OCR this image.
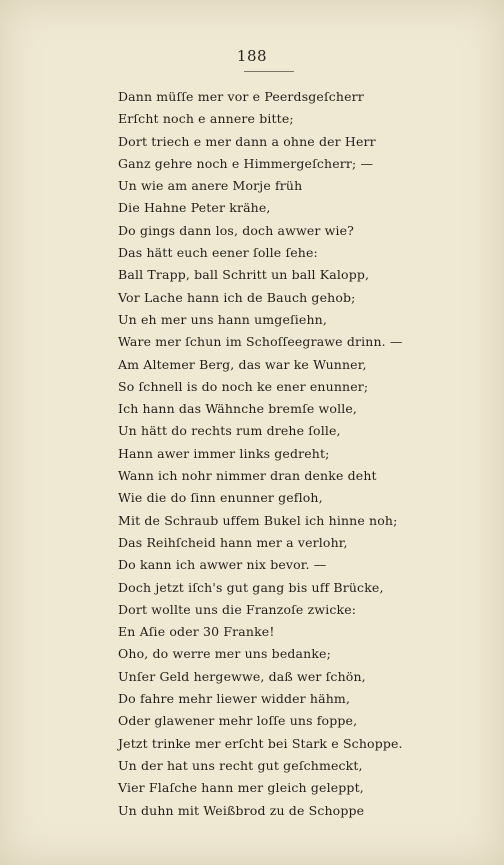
188
Dann müſſe mer vor e Peerdsgeſcherr
Erſcht noch e annere bitte;
Dort triech e mer dann a ohne der Herr
Ganz gehre noch e Himmergeſcherr; —
Un wie am anere Morje früh
Die Hahne Peter krähe,
Do gings dann los, doch awwer wie?
Das hätt euch eener ſolle ſehe:
Ball Trapp, ball Schritt un ball Kalopp,
Vor Lache hann ich de Bauch gehob;
Un eh mer uns hann umgeſiehn,
Ware mer ſchun im Schoſſeegrawe drinn. —
Am Altemer Berg, das war ke Wunner,
So ſchnell is do noch ke ener enunner;
Ich hann das Wähnche bremſe wolle,
Un hätt do rechts rum drehe ſolle,
Hann awer immer links gedreht;
Wann ich nohr nimmer dran denke deht
Wie die do ſinn enunner gefloh,
Mit de Schraub uffem Bukel ich hinne noh;
Das Reihſcheid hann mer a verlohr,
Do kann ich awwer nix bevor. —
Doch jetzt iſch's gut gang bis uff Brücke,
Dort wollte uns die Franzoſe zwicke:
En Aſie oder 30 Franke!
Oho, do werre mer uns bedanke;
Unſer Geld hergewwe, daß wer ſchön,
Do fahre mehr liewer widder hähm,
Oder glawener mehr loſſe uns foppe,
Jetzt trinke mer erſcht bei Stark e Schoppe.
Un der hat uns recht gut geſchmeckt,
Vier Flaſche hann mer gleich geleppt,
Un duhn mit Weißbrod zu de Schoppe
